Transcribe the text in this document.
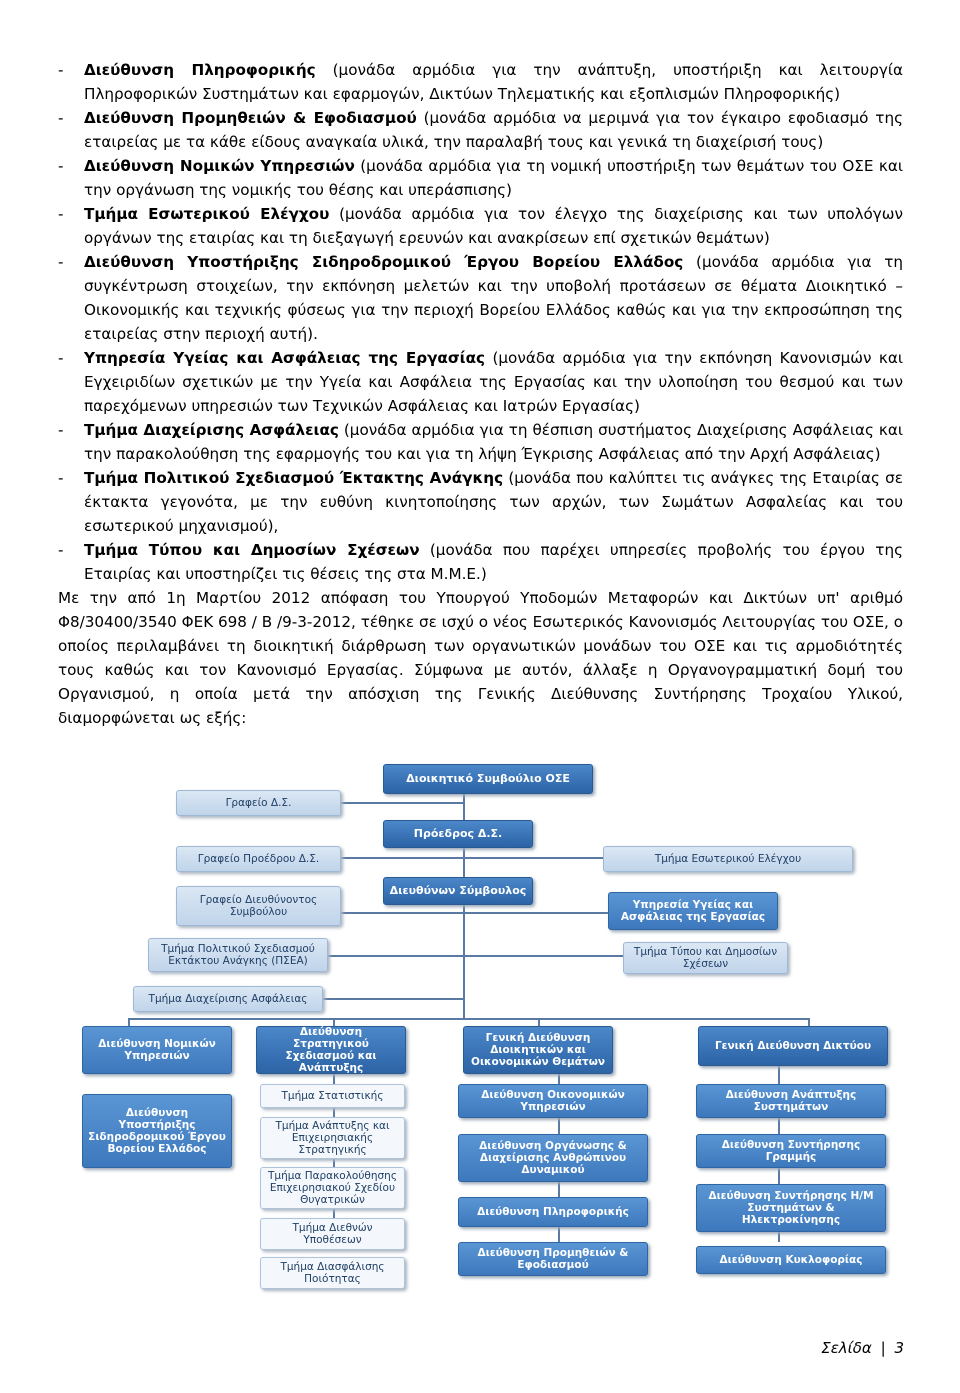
-	Διεύθυνση Πληροφορικής (μονάδα αρμόδια για την ανάπτυξη, υποστήριξη και λειτουργία Πληροφορικών Συστημάτων και εφαρμογών, Δικτύων Τηλεματικής και εξοπλισμών Πληροφορικής)
-	Διεύθυνση Προμηθειών & Εφοδιασμού (μονάδα αρμόδια να μεριμνά για τον έγκαιρο εφοδιασμό της εταιρείας με τα κάθε είδους αναγκαία υλικά, την παραλαβή τους και γενικά τη διαχείρισή τους)
-	Διεύθυνση Νομικών Υπηρεσιών (μονάδα αρμόδια για τη νομική υποστήριξη των θεμάτων του ΟΣΕ και την οργάνωση της νομικής του θέσης και υπεράσπισης)
-	Τμήμα Εσωτερικού Ελέγχου (μονάδα αρμόδια για τον έλεγχο της διαχείρισης και των υπολόγων οργάνων της εταιρίας και τη διεξαγωγή ερευνών και ανακρίσεων επί σχετικών θεμάτων)
-	Διεύθυνση Υποστήριξης Σιδηροδρομικού Έργου Βορείου Ελλάδος (μονάδα αρμόδια για τη συγκέντρωση στοιχείων, την εκπόνηση μελετών και την υποβολή προτάσεων σε θέματα Διοικητικό – Οικονομικής και τεχνικής φύσεως για την περιοχή Βορείου Ελλάδος καθώς και για την εκπροσώπηση της εταιρείας στην περιοχή αυτή).
-	Υπηρεσία Υγείας και Ασφάλειας της Εργασίας (μονάδα αρμόδια για την εκπόνηση Κανονισμών και Εγχειριδίων σχετικών με την Υγεία και Ασφάλεια της Εργασίας και την υλοποίηση του θεσμού και των παρεχόμενων υπηρεσιών των Τεχνικών Ασφάλειας και Ιατρών Εργασίας)
-	Τμήμα Διαχείρισης Ασφάλειας (μονάδα αρμόδια για τη θέσπιση συστήματος Διαχείρισης Ασφάλειας και την παρακολούθηση της εφαρμογής του και για τη λήψη Έγκρισης Ασφάλειας από την Αρχή Ασφάλειας)
-	Τμήμα Πολιτικού Σχεδιασμού Έκτακτης Ανάγκης (μονάδα που καλύπτει τις ανάγκες της Εταιρίας σε έκτακτα γεγονότα, με την ευθύνη κινητοποίησης των αρχών, των Σωμάτων Ασφαλείας και του εσωτερικού μηχανισμού),
-	Τμήμα Τύπου και Δημοσίων Σχέσεων (μονάδα που παρέχει υπηρεσίες προβολής του έργου της Εταιρίας και υποστηρίζει τις θέσεις της στα Μ.Μ.Ε.)
Με την από 1η Μαρτίου 2012 απόφαση του Υπουργού Υποδομών Μεταφορών και Δικτύων υπ' αριθμό Φ8/30400/3540 ΦΕΚ 698 / Β /9-3-2012, τέθηκε σε ισχύ ο νέος Εσωτερικός Κανονισμός Λειτουργίας του ΟΣΕ, ο οποίος περιλαμβάνει τη διοικητική διάρθρωση των οργανωτικών μονάδων του ΟΣΕ και τις αρμοδιότητές τους καθώς και τον Κανονισμό Εργασίας. Σύμφωνα με αυτόν, άλλαξε η Οργανογραμματική δομή του Οργανισμού, η οποία μετά την απόσχιση της Γενικής Διεύθυνσης Συντήρησης Τροχαίου Υλικού, διαμορφώνεται ως εξής:
Διοικητικό Συμβούλιο ΟΣΕ
Γραφείο Δ.Σ.
Πρόεδρος Δ.Σ.
Γραφείο Προέδρου Δ.Σ.	Τμήμα Εσωτερικού Ελέγχου
Διευθύνων Σύμβουλος
Γραφείο Διευθύνοντος Συμβούλου
Υπηρεσία Υγείας και Ασφάλειας της Εργασίας
Τμήμα Πολιτικού Σχεδιασμού Εκτάκτου Ανάγκης (ΠΣΕΑ)
Τμήμα Τύπου και Δημοσίων Σχέσεων
Τμήμα Διαχείρισης Ασφάλειας
Διεύθυνση Νομικών Υπηρεσιών
Διεύθυνση Στρατηγικού Σχεδιασμού και Ανάπτυξης
Γενική Διεύθυνση Διοικητικών και Οικονομικών Θεμάτων
Γενική Διεύθυνση Δικτύου
Διεύθυνση Υποστήριξης Σιδηροδρομικού Έργου Βορείου Ελλάδος
Τμήμα Στατιστικής
Τμήμα Ανάπτυξης και Επιχειρησιακής Στρατηγικής
Τμήμα Παρακολούθησης Επιχειρησιακού Σχεδίου Θυγατρικών
Τμήμα Διεθνών Υποθέσεων
Τμήμα Διασφάλισης Ποιότητας
Διεύθυνση Οικονομικών Υπηρεσιών
Διεύθυνση Οργάνωσης & Διαχείρισης Ανθρώπινου Δυναμικού
Διεύθυνση Πληροφορικής
Διεύθυνση Προμηθειών & Εφοδιασμού
Διεύθυνση Ανάπτυξης Συστημάτων
Διεύθυνση Συντήρησης Γραμμής
Διεύθυνση Συντήρησης Η/Μ Συστημάτων & Ηλεκτροκίνησης
Διεύθυνση Κυκλοφορίας
Σελίδα | 3
